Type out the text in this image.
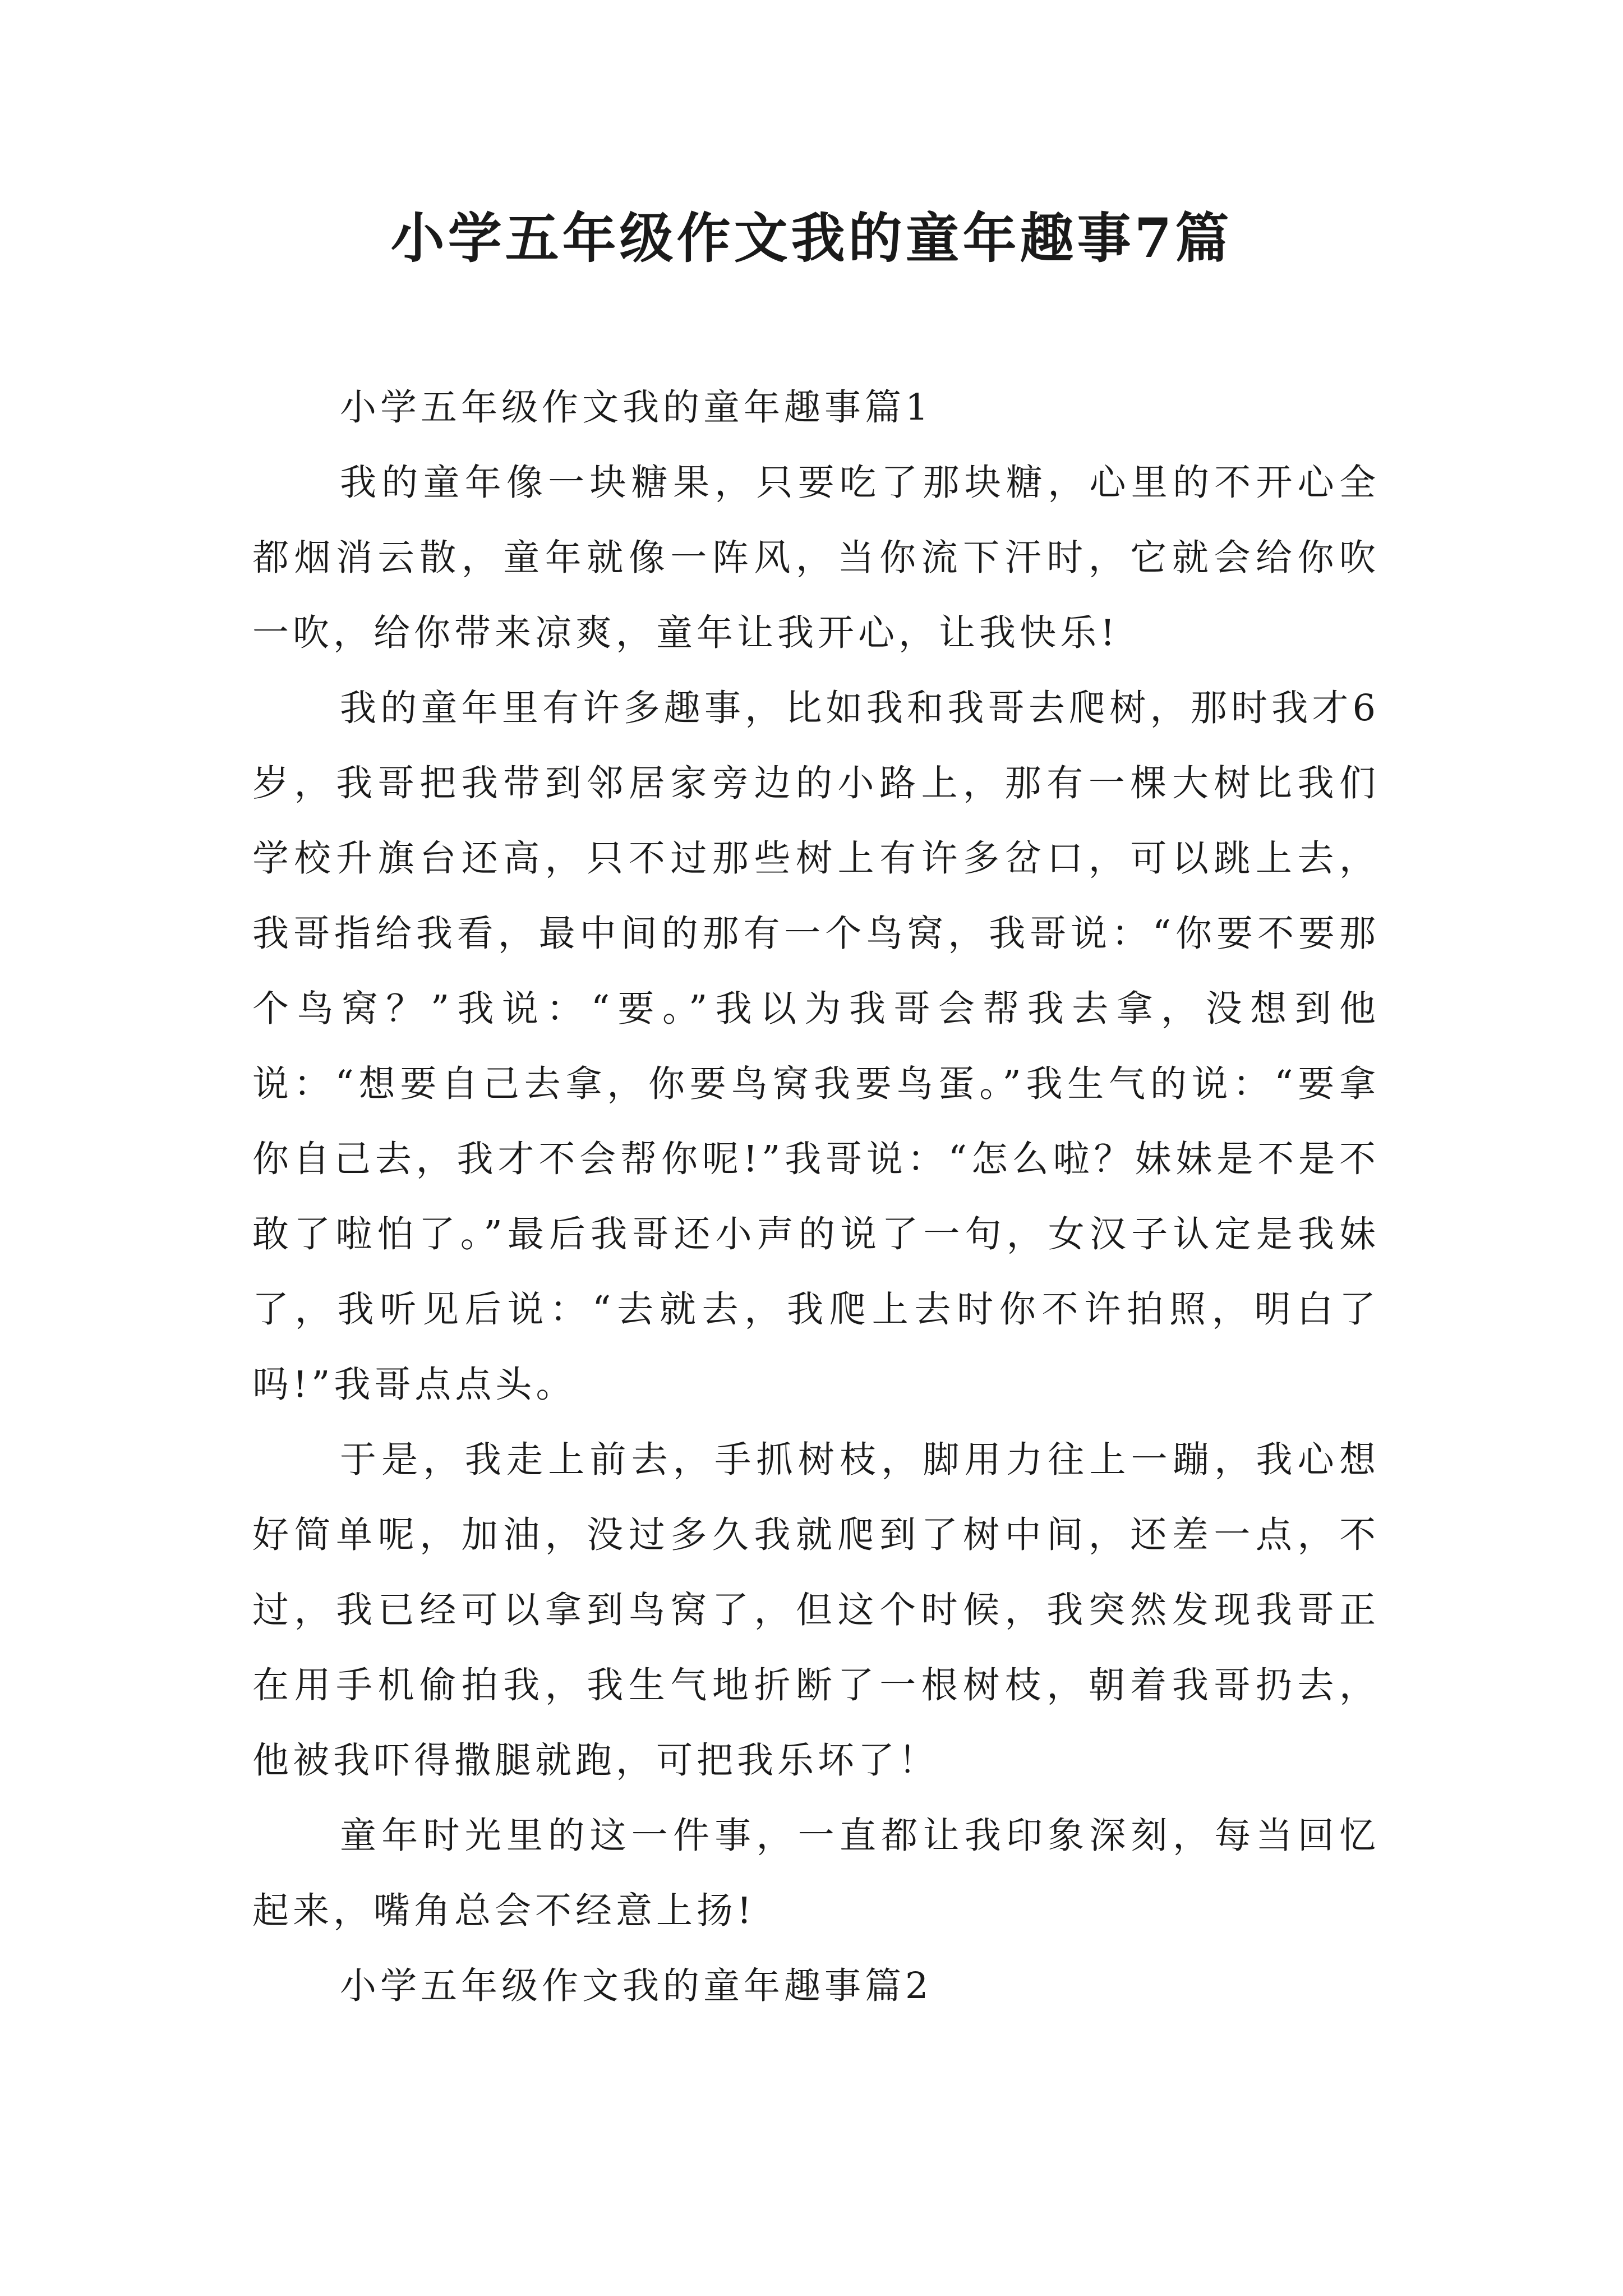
小学五年级作文我的童年趣事7篇

小学五年级作文我的童年趣事篇1

我的童年像一块糖果，只要吃了那块糖，心里的不开心全都烟消云散，童年就像一阵风，当你流下汗时，它就会给你吹一吹，给你带来凉爽，童年让我开心，让我快乐!

我的童年里有许多趣事，比如我和我哥去爬树，那时我才6岁，我哥把我带到邻居家旁边的小路上，那有一棵大树比我们学校升旗台还高，只不过那些树上有许多岔口，可以跳上去，我哥指给我看，最中间的那有一个鸟窝，我哥说：“你要不要那个鸟窝？”我说：“要。”我以为我哥会帮我去拿，没想到他说：“想要自己去拿，你要鸟窝我要鸟蛋。”我生气的说：“要拿你自己去，我才不会帮你呢!”我哥说：“怎么啦？妹妹是不是不敢了啦怕了。”最后我哥还小声的说了一句，女汉子认定是我妹了，我听见后说：“去就去，我爬上去时你不许拍照，明白了吗!”我哥点点头。

于是，我走上前去，手抓树枝，脚用力往上一蹦，我心想好简单呢，加油，没过多久我就爬到了树中间，还差一点，不过，我已经可以拿到鸟窝了，但这个时候，我突然发现我哥正在用手机偷拍我，我生气地折断了一根树枝，朝着我哥扔去，他被我吓得撒腿就跑，可把我乐坏了！

童年时光里的这一件事，一直都让我印象深刻，每当回忆起来，嘴角总会不经意上扬!

小学五年级作文我的童年趣事篇2
